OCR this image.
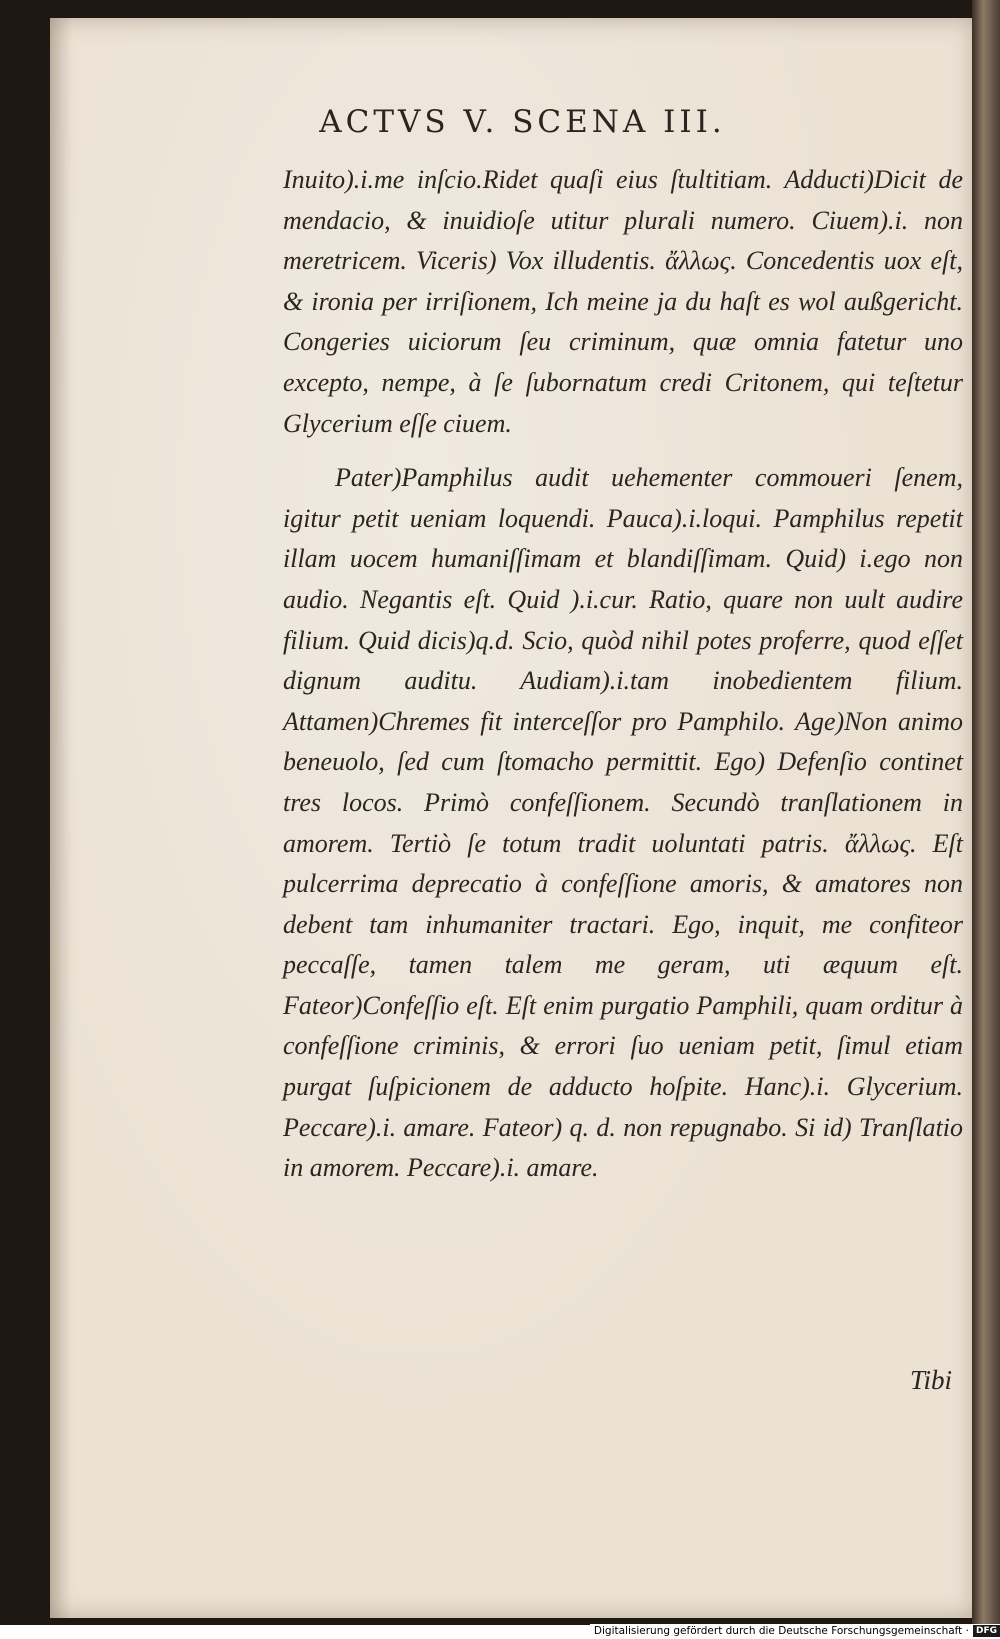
ACTVS V. SCENA III.

Inuito).i.me inſcio.Ridet quaſi eius ſtultitiam. Adducti)Dicit de mendacio, & inuidioſe utitur plurali numero. Ciuem).i. non meretricem. Viceris) Vox illudentis. ἄλλως. Concedentis uox eſt, & ironia per irriſionem, Ich meine ja du haſt es wol außgericht. Congeries uiciorum ſeu criminum, quæ omnia fatetur uno excepto, nempe, à ſe ſubornatum credi Critonem, qui teſtetur Glycerium eſſe ciuem.

Pater)Pamphilus audit uehementer commoueri ſenem, igitur petit ueniam loquendi. Pauca).i.loqui. Pamphilus repetit illam uocem humaniſſimam et blandiſſimam. Quid) i.ego non audio. Negantis eſt. Quid ).i.cur. Ratio, quare non uult audire filium. Quid dicis)q.d. Scio, quòd nihil potes proferre, quod eſſet dignum auditu. Audiam).i.tam inobedientem filium. Attamen)Chremes fit interceſſor pro Pamphilo. Age)Non animo beneuolo, ſed cum ſtomacho permittit. Ego) Defenſio continet tres locos. Primò confeſſionem. Secundò tranſlationem in amorem. Tertiò ſe totum tradit uoluntati patris. ἄλλως. Eſt pulcerrima deprecatio à confeſſione amoris, & amatores non debent tam inhumaniter tractari. Ego, inquit, me confiteor peccaſſe, tamen talem me geram, uti æquum eſt. Fateor)Confeſſio eſt. Eſt enim purgatio Pamphili, quam orditur à confeſſione criminis, & errori ſuo ueniam petit, ſimul etiam purgat ſuſpicionem de adducto hoſpite. Hanc).i. Glycerium. Peccare).i. amare. Fateor) q. d. non repugnabo. Si id) Tranſlatio in amorem. Peccare).i. amare.

Tibi
Digitalisierung gefördert durch die Deutsche Forschungsgemeinschaft · DFG
